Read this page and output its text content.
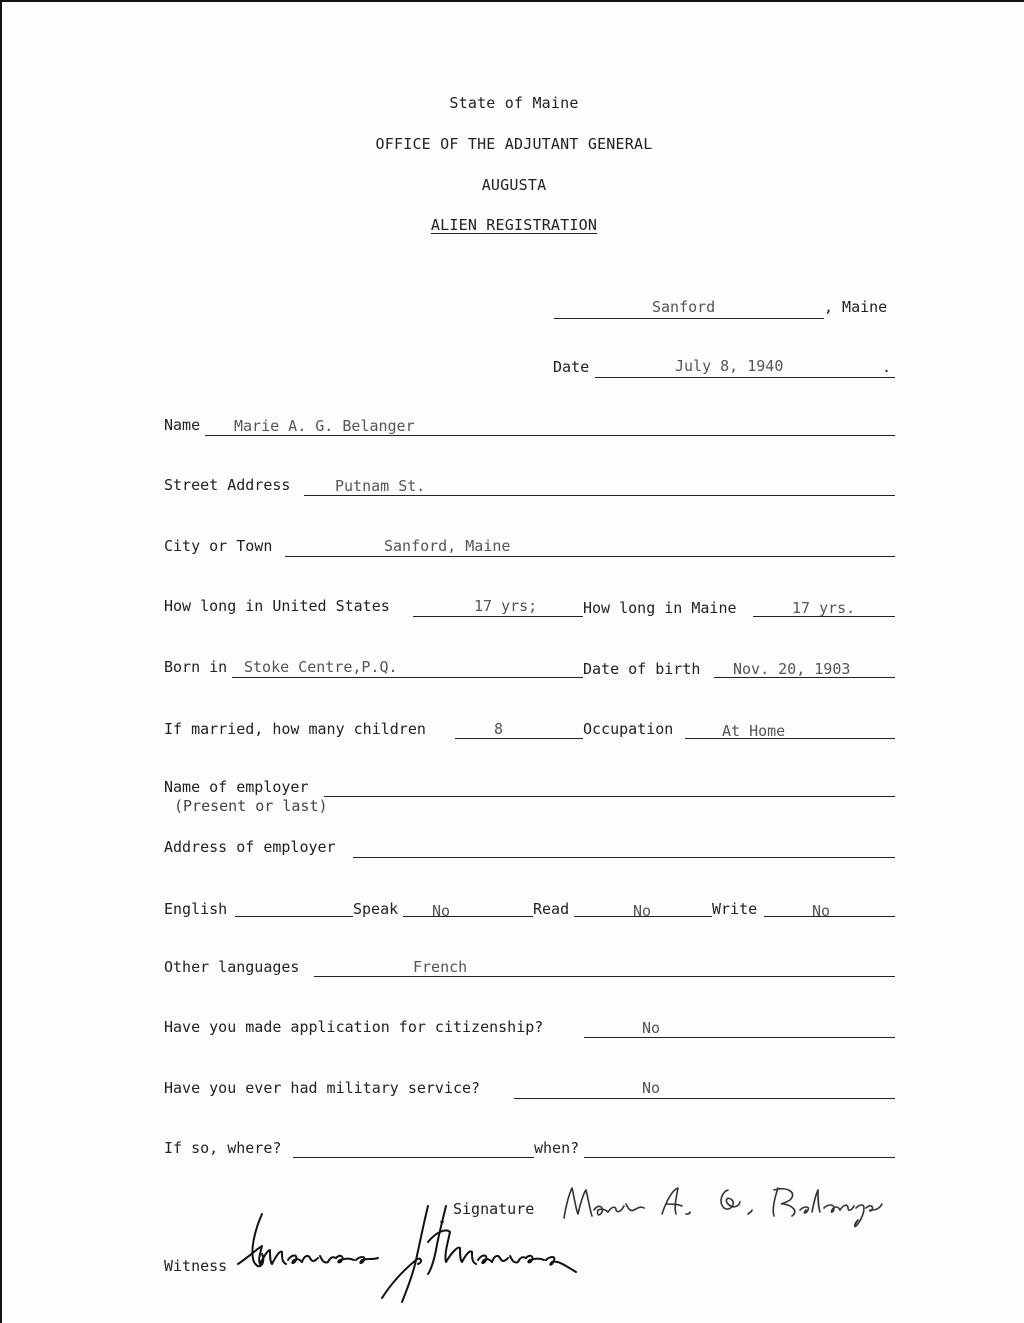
State of Maine
OFFICE OF THE ADJUTANT GENERAL
AUGUSTA
ALIEN REGISTRATION
Sanford	, Maine
Date	July 8, 1940	.
Name Marie A. G. Belanger
Street Address	Putnam St.
City or Town	Sanford, Maine
How long in United States	17 yrs;	How long in Maine	17 yrs.
Born in Stoke Centre,P.Q.	Date of birth Nov. 20, 1903
If married, how many children	8	Occupation	At Home
Name of employer
(Present or last)
Address of employer
English	Speak No	Read	No	Write	No
Other languages	French
Have you made application for citizenship?	No
Have you ever had military service?	No
If so, where?	when?
Signature
Witness
